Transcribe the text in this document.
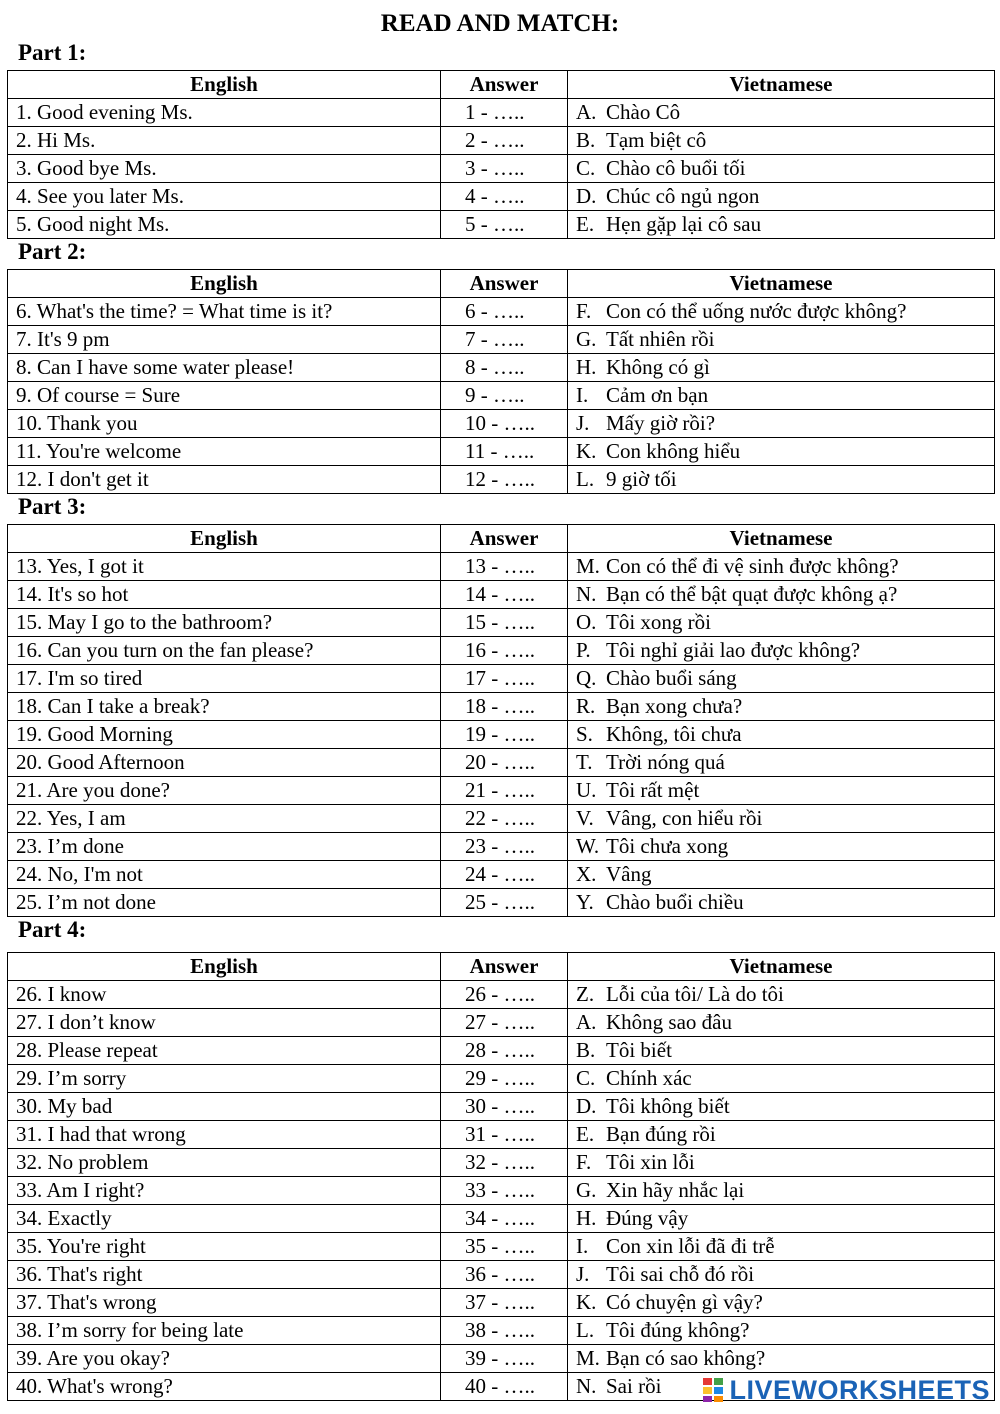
READ AND MATCH:
Part 1:
English	Answer	Vietnamese
1. Good evening Ms.	1 - …..	A. Chào Cô
2. Hi Ms.	2 - …..	B. Tạm biệt cô
3. Good bye Ms.	3 - …..	C. Chào cô buổi tối
4. See you later Ms.	4 - …..	D. Chúc cô ngủ ngon
5. Good night Ms.	5 - …..	E. Hẹn gặp lại cô sau
Part 2:
English	Answer	Vietnamese
6. What's the time? = What time is it?	6 - …..	F. Con có thể uống nước được không?
7. It's 9 pm	7 - …..	G. Tất nhiên rồi
8. Can I have some water please!	8 - …..	H. Không có gì
9. Of course = Sure	9 - …..	I. Cảm ơn bạn
10. Thank you	10 - …..	J. Mấy giờ rồi?
11. You're welcome	11 - …..	K. Con không hiểu
12. I don't get it	12 - …..	L. 9 giờ tối
Part 3:
English	Answer	Vietnamese
13. Yes, I got it	13 - …..	M. Con có thể đi vệ sinh được không?
14. It's so hot	14 - …..	N. Bạn có thể bật quạt được không ạ?
15. May I go to the bathroom?	15 - …..	O. Tôi xong rồi
16. Can you turn on the fan please?	16 - …..	P. Tôi nghỉ giải lao được không?
17. I'm so tired	17 - …..	Q. Chào buổi sáng
18. Can I take a break?	18 - …..	R. Bạn xong chưa?
19. Good Morning	19 - …..	S. Không, tôi chưa
20. Good Afternoon	20 - …..	T. Trời nóng quá
21. Are you done?	21 - …..	U. Tôi rất mệt
22. Yes, I am	22 - …..	V. Vâng, con hiểu rồi
23. I’m done	23 - …..	W. Tôi chưa xong
24. No, I'm not	24 - …..	X. Vâng
25. I’m not done	25 - …..	Y. Chào buổi chiều
Part 4:
English	Answer	Vietnamese
26. I know	26 - …..	Z. Lỗi của tôi/ Là do tôi
27. I don’t know	27 - …..	A. Không sao đâu
28. Please repeat	28 - …..	B. Tôi biết
29. I’m sorry	29 - …..	C. Chính xác
30. My bad	30 - …..	D. Tôi không biết
31. I had that wrong	31 - …..	E. Bạn đúng rồi
32. No problem	32 - …..	F. Tôi xin lỗi
33. Am I right?	33 - …..	G. Xin hãy nhắc lại
34. Exactly	34 - …..	H. Đúng vậy
35. You're right	35 - …..	I. Con xin lỗi đã đi trễ
36. That's right	36 - …..	J. Tôi sai chỗ đó rồi
37. That's wrong	37 - …..	K. Có chuyện gì vậy?
38. I’m sorry for being late	38 - …..	L. Tôi đúng không?
39. Are you okay?	39 - …..	M. Bạn có sao không?
40. What's wrong?	40 - …..	N. Sai rồi	LIVEWORKSHEETS
